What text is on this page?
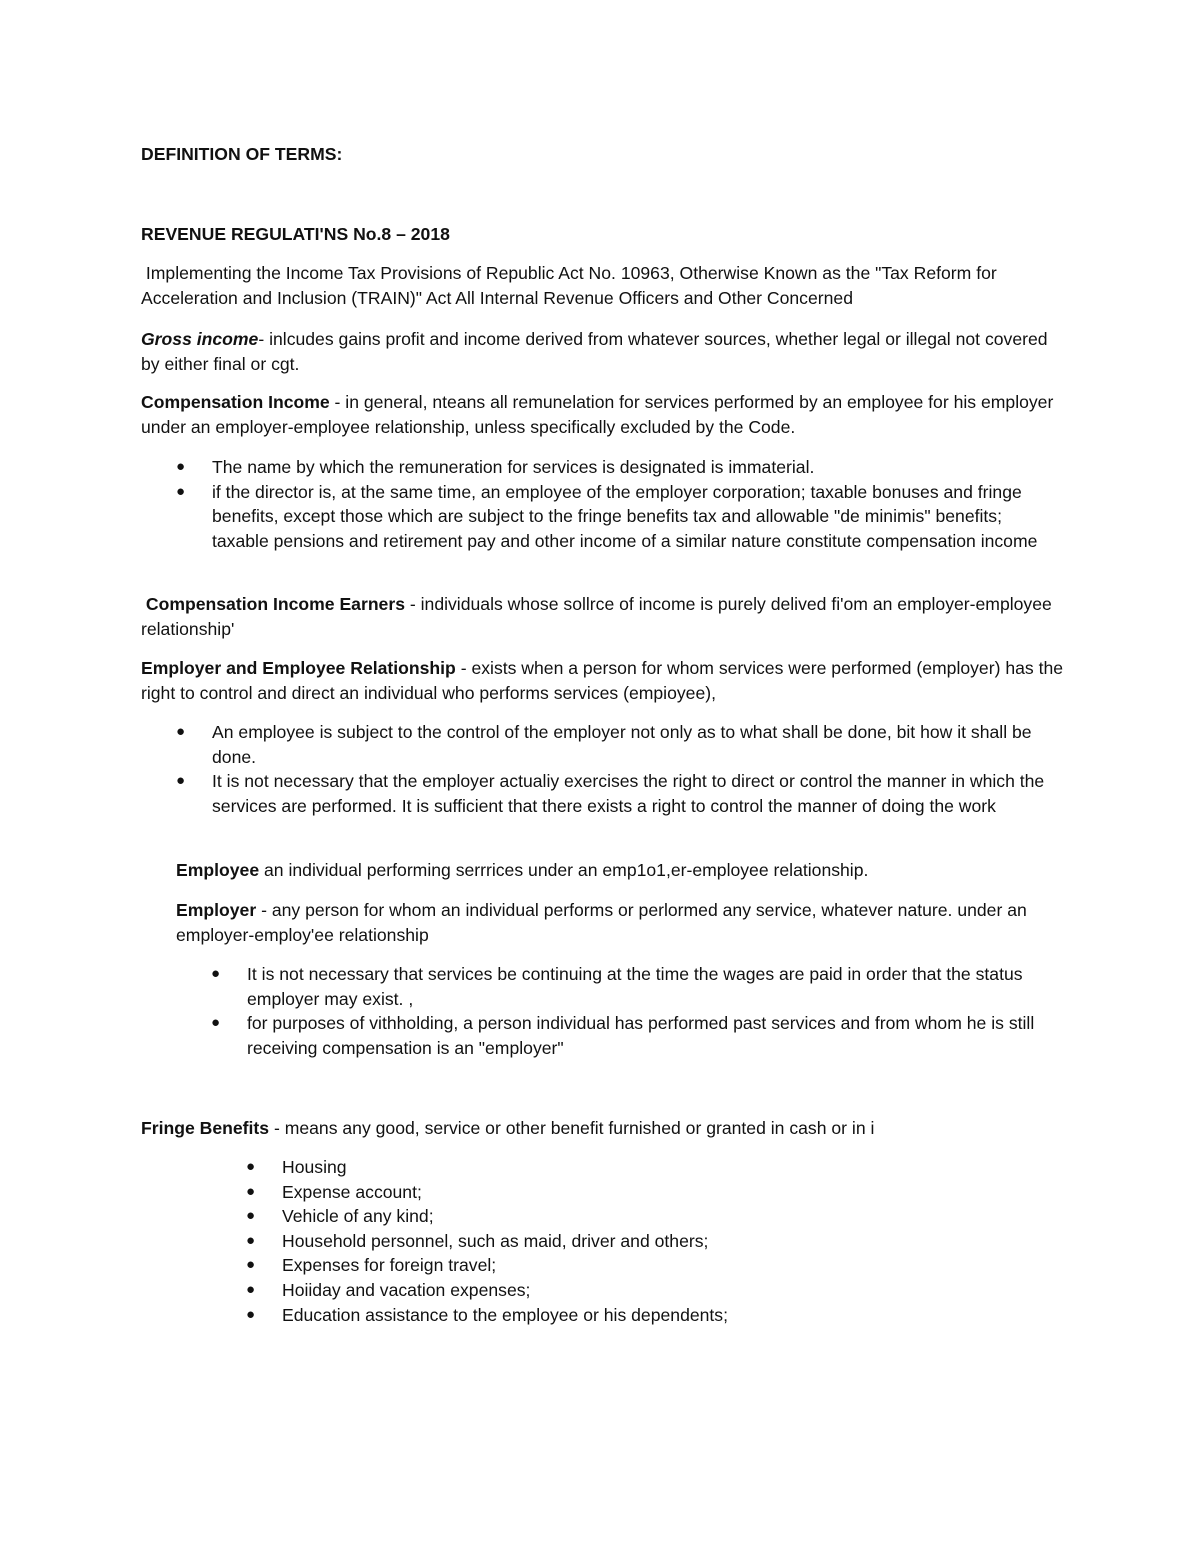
DEFINITION OF TERMS:

REVENUE REGULATI'NS No.8 – 2018

Implementing the Income Tax Provisions of Republic Act No. 10963, Otherwise Known as the "Tax Reform for Acceleration and Inclusion (TRAIN)" Act All Internal Revenue Officers and Other Concerned

Gross income- inlcudes gains profit and income derived from whatever sources, whether legal or illegal not covered by either final or cgt.

Compensation Income - in general, nteans all remunelation for services performed by an employee for his employer under an employer-employee relationship, unless specifically excluded by the Code.

● The name by which the remuneration for services is designated is immaterial.
● if the director is, at the same time, an employee of the employer corporation; taxable bonuses and fringe benefits, except those which are subject to the fringe benefits tax and allowable "de minimis" benefits; taxable pensions and retirement pay and other income of a similar nature constitute compensation income

Compensation Income Earners - individuals whose sollrce of income is purely delived fi'om an employer-employee relationship'

Employer and Employee Relationship - exists when a person for whom services were performed (employer) has the right to control and direct an individual who performs services (empioyee),

● An employee is subject to the control of the employer not only as to what shall be done, bit how it shall be done.
● It is not necessary that the employer actualiy exercises the right to direct or control the manner in which the services are performed. It is sufficient that there exists a right to control the manner of doing the work

Employee an individual performing serrrices under an emp1o1,er-employee relationship.

Employer - any person for whom an individual performs or perlormed any service, whatever nature. under an employer-employ'ee relationship

● It is not necessary that services be continuing at the time the wages are paid in order that the status employer may exist. ,
● for purposes of vithholding, a person individual has performed past services and from whom he is still receiving compensation is an "employer"

Fringe Benefits - means any good, service or other benefit furnished or granted in cash or in i

● Housing
● Expense account;
● Vehicle of any kind;
● Household personnel, such as maid, driver and others;
● Expenses for foreign travel;
● Hoiiday and vacation expenses;
● Education assistance to the employee or his dependents;
